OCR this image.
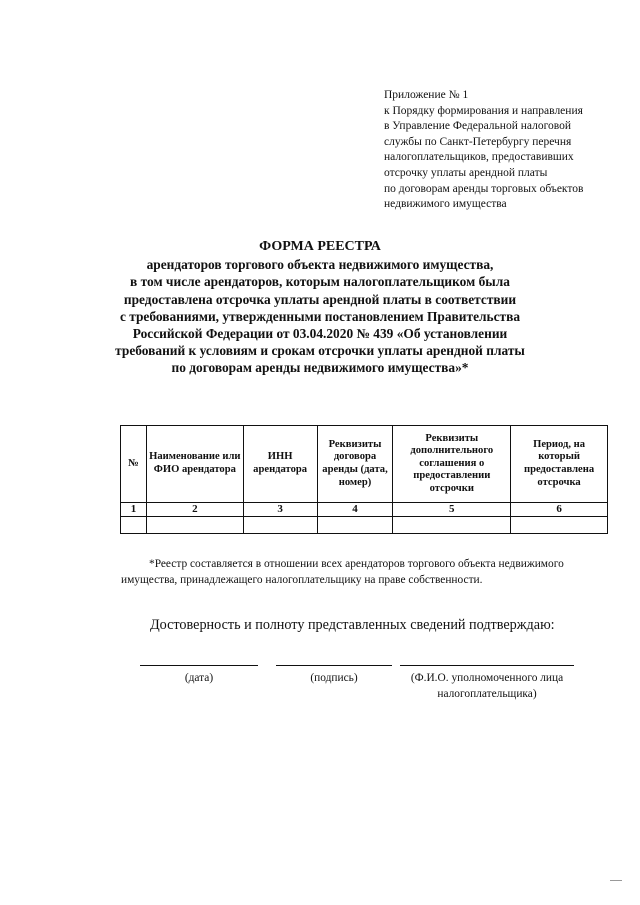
Приложение № 1
к Порядку формирования и направления
в Управление Федеральной налоговой
службы по Санкт-Петербургу перечня
налогоплательщиков, предоставивших
отсрочку уплаты арендной платы
по договорам аренды торговых объектов
недвижимого имущества
ФОРМА РЕЕСТРА
арендаторов торгового объекта недвижимого имущества,
в том числе арендаторов, которым налогоплательщиком была
предоставлена отсрочка уплаты арендной платы в соответствии
с требованиями, утвержденными постановлением Правительства
Российской Федерации от 03.04.2020 № 439 «Об установлении
требований к условиям и срокам отсрочки уплаты арендной платы
по договорам аренды недвижимого имущества»*
№	Наименование или ФИО арендатора	ИНН арендатора	Реквизиты договора аренды (дата, номер)	Реквизиты дополнительного соглашения о предоставлении отсрочки	Период, на который предоставлена отсрочка
1	2	3	4	5	6

*Реестр составляется в отношении всех арендаторов торгового объекта недвижимого
имущества, принадлежащего налогоплательщику на праве собственности.
Достоверность и полноту представленных сведений подтверждаю:
(дата)	(подпись)	(Ф.И.О. уполномоченного лица
налогоплательщика)
